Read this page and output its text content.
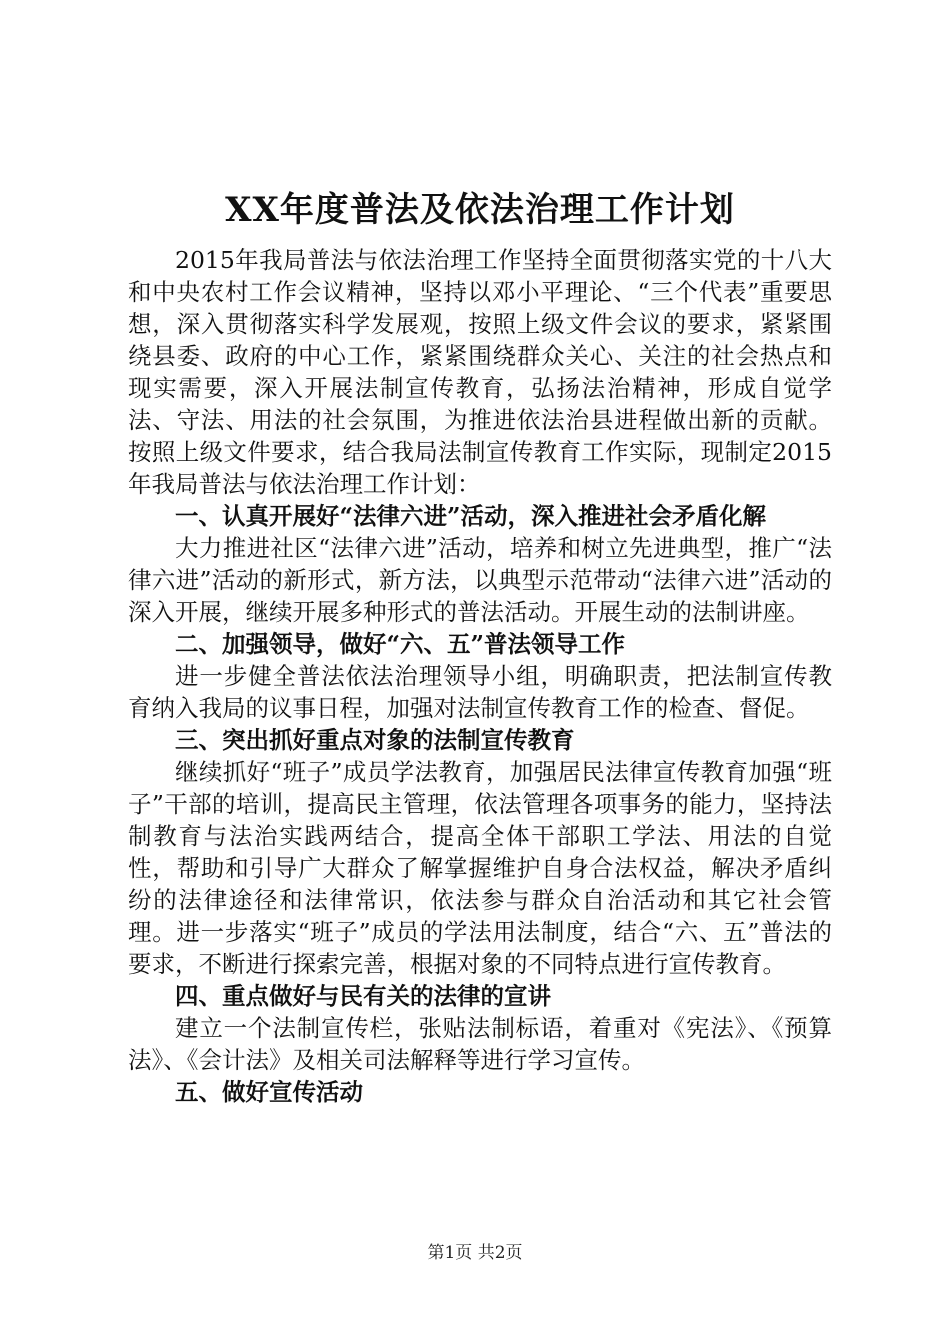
XX年度普法及依法治理工作计划

2015年我局普法与依法治理工作坚持全面贯彻落实党的十八大和中央农村工作会议精神，坚持以邓小平理论、“三个代表”重要思想，深入贯彻落实科学发展观，按照上级文件会议的要求，紧紧围绕县委、政府的中心工作，紧紧围绕群众关心、关注的社会热点和现实需要，深入开展法制宣传教育，弘扬法治精神，形成自觉学法、守法、用法的社会氛围，为推进依法治县进程做出新的贡献。按照上级文件要求，结合我局法制宣传教育工作实际，现制定2015年我局普法与依法治理工作计划：

一、认真开展好“法律六进”活动，深入推进社会矛盾化解

大力推进社区“法律六进”活动，培养和树立先进典型，推广“法律六进”活动的新形式，新方法，以典型示范带动“法律六进”活动的深入开展，继续开展多种形式的普法活动。开展生动的法制讲座。

二、加强领导，做好“六、五”普法领导工作

进一步健全普法依法治理领导小组，明确职责，把法制宣传教育纳入我局的议事日程，加强对法制宣传教育工作的检查、督促。

三、突出抓好重点对象的法制宣传教育

继续抓好“班子”成员学法教育，加强居民法律宣传教育加强“班子”干部的培训，提高民主管理，依法管理各项事务的能力，坚持法制教育与法治实践两结合，提高全体干部职工学法、用法的自觉性，帮助和引导广大群众了解掌握维护自身合法权益，解决矛盾纠纷的法律途径和法律常识，依法参与群众自治活动和其它社会管理。进一步落实“班子”成员的学法用法制度，结合“六、五”普法的要求，不断进行探索完善，根据对象的不同特点进行宣传教育。

四、重点做好与民有关的法律的宣讲

建立一个法制宣传栏，张贴法制标语，着重对《宪法》、《预算法》、《会计法》及相关司法解释等进行学习宣传。

五、做好宣传活动

第1页 共2页
